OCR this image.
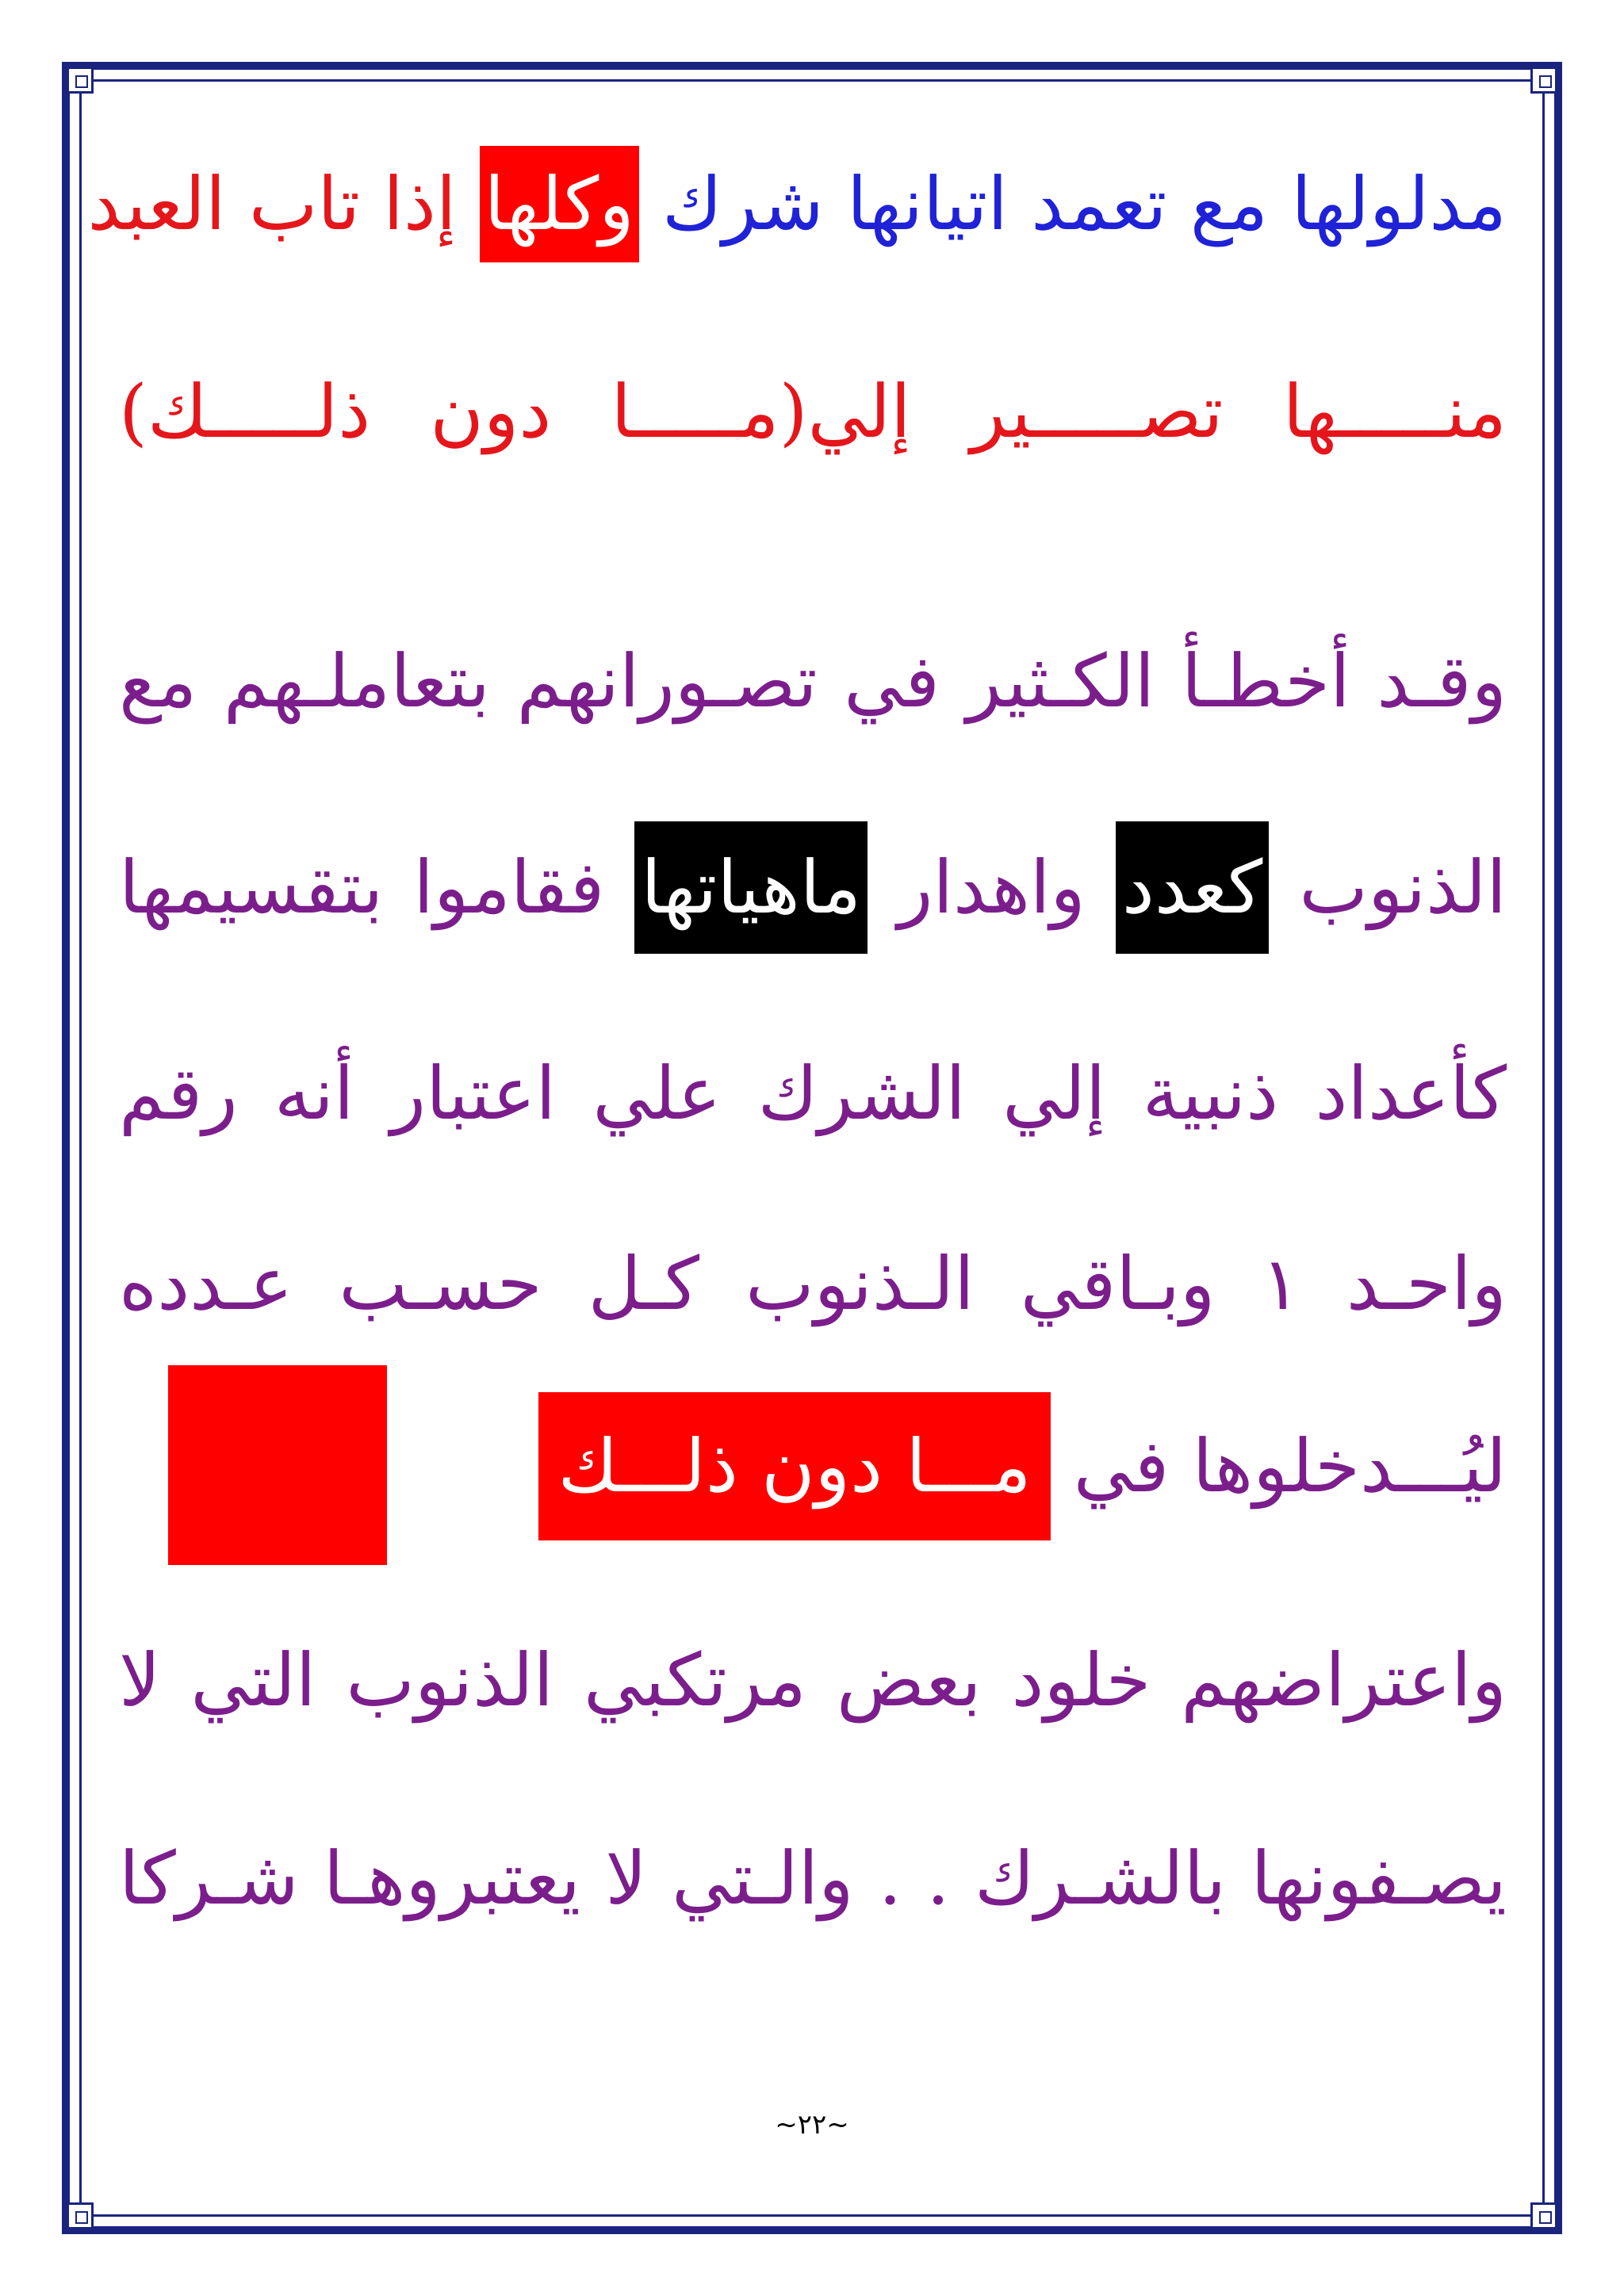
مدلولها مع تعمد اتيانها شرك وكلها إذا تاب العبد
منـــــها تصـــــير إلي(مـــــا دون ذلـــــك)
وقـد أخطـأ الكـثير في تصـورانهم بتعاملـهم مع
الذنوب كعدد واهدار ماهياتها فقاموا بتقسيمها
كأعداد ذنبية إلي الشرك علي اعتبار أنه رقم
واحـد ١ وبـاقي الـذنوب كـل حسـب عـدده
ليُـــدخلوها في مـــا دون ذلـــك
واعتراضهم خلود بعض مرتكبي الذنوب التي لا
يصـفونها بالشـرك . . والـتي لا يعتبروهـا شـركا
~٢٢~
